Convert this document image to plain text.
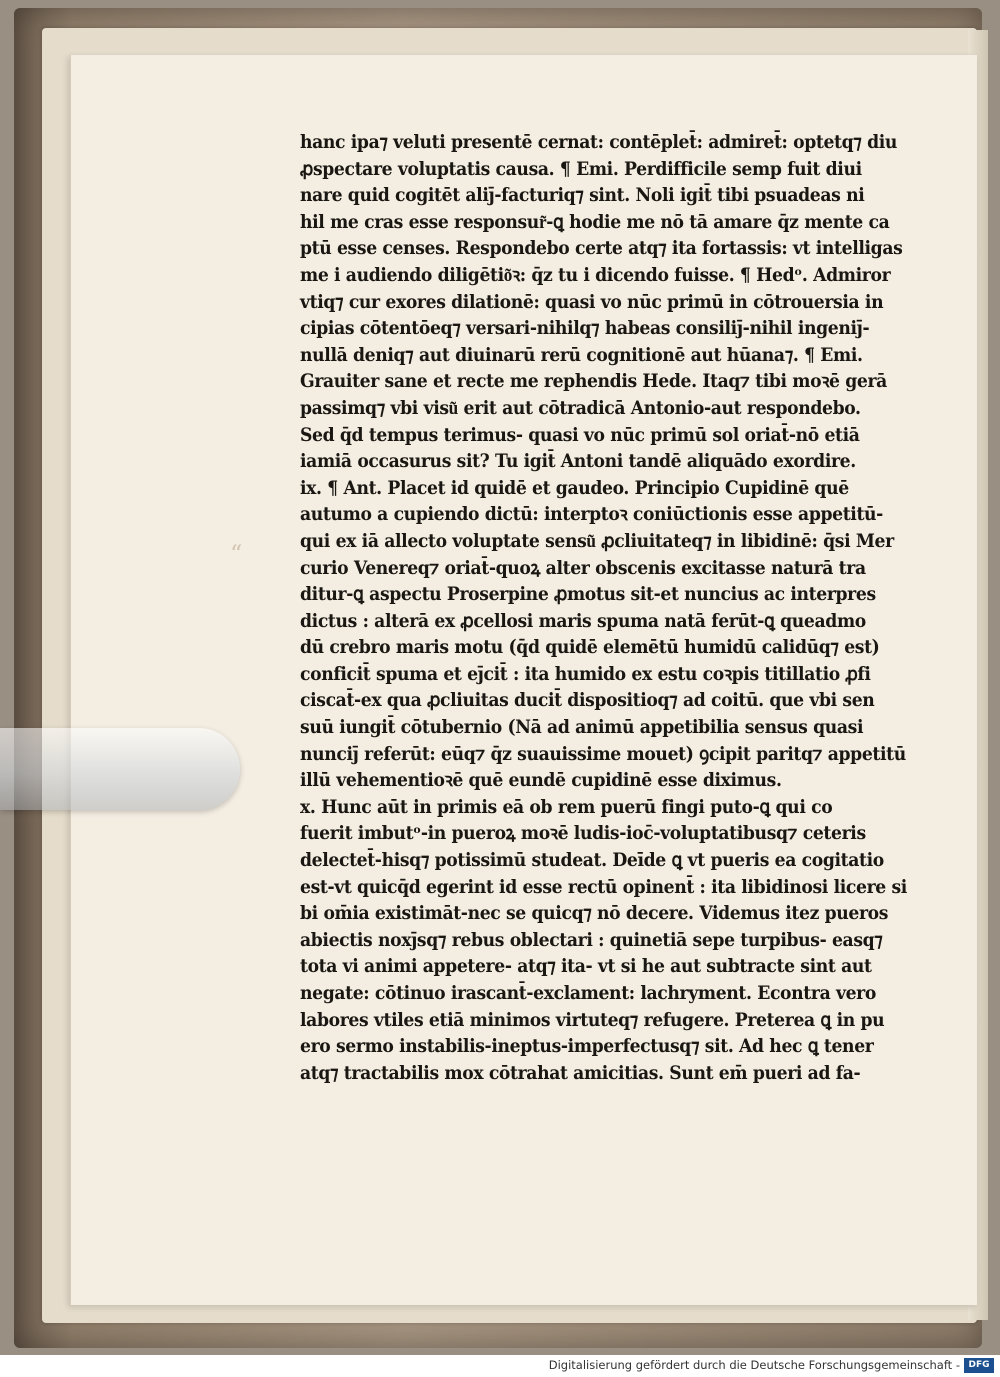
“
hanc ipa⁊ veluti presentē cernat: contēplet̄: admiret̄: optetq⁊ diu
ꝓspectare voluptatis causa. ¶ Emi. Perdifficile semp fuit diui
nare quid cogitēt aliȷ̄-facturiq⁊ sint. Noli igit̄ tibi psuadeas ni
hil me cras esse responsur͂-ꝗ hodie me nō tā amare q̄z mente ca
ptū esse censes. Respondebo certe atq⁊ ita fortassis: vt intelligas
me i audiendo diligētio͂ꝛ: q̄z tu i dicendo fuisse. ¶ Hedᵒ. Admiror
vtiq⁊ cur exores dilationē: quasi vo nūc primū in cōtrouersia in
cipias cōtentōeq⁊ versari-nihilq⁊ habeas consiliȷ̄-nihil ingeniȷ̄-
nullā deniq⁊ aut diuinarū rerū cognitionē aut hūana⁊. ¶ Emi.
Grauiter sane et recte me rephendis Hede. Itaq⁊ tibi moꝛē gerā
passimq⁊ vbi visu͂ erit aut cōtradicā Antonio-aut respondebo.
Sed q̄d tempus terimus- quasi vo nūc primū sol oriat̄-nō etiā
iamiā occasurus sit? Tu igit̄ Antoni tandē aliquādo exordire.
ix. ¶ Ant. Placet id quidē et gaudeo. Principio Cupidinē quē
autumo a cupiendo dictū: interptoꝛ coniūctionis esse appetitū-
qui ex iā allecto voluptate sensu͂ ꝓcliuitateq⁊ in libidinē: q̄si Mer
curio Venereq⁊ oriat̄-quoꝝ alter obscenis excitasse naturā tra
ditur-ꝗ aspectu Proserpine ꝓmotus sit-et nuncius ac interpres
dictus : alterā ex ꝓcellosi maris spuma natā ferūt-ꝗ queadmo
dū crebro maris motu (q̄d quidē elemētū humidū calidūq⁊ est)
conficit̄ spuma et eȷ̄cit̄ : ita humido ex estu coꝛpis titillatio ꝓfi
ciscat̄-ex qua ꝓcliuitas ducit̄ dispositioq⁊ ad coitū. que vbi sen
suū iungit̄ cōtubernio (Nā ad animū appetibilia sensus quasi
nunciȷ̄ referūt: eūq⁊ q̄z suauissime mouet) ꝯcipit paritq⁊ appetitū
illū vehementioꝛē quē eundē cupidinē esse diximus.
x. Hunc aūt in primis eā ob rem puerū fingi puto-ꝗ qui co
fuerit imbutᵒ-in pueroꝝ moꝛē ludis-ioc̄-voluptatibusq⁊ ceteris
delectet̄-hisq⁊ potissimū studeat. Deīde ꝗ vt pueris ea cogitatio
est-vt quicq̄d egerint id esse rectū opinent̄ : ita libidinosi licere si
bi om̄ia existimāt-nec se quicq⁊ nō decere. Videmus itez pueros
abiectis noxȷ̄sq⁊ rebus oblectari : quinetiā sepe turpibus- easq⁊
tota vi animi appetere- atq⁊ ita- vt si he aut subtracte sint aut
negate: cōtinuo irascant̄-exclament: lachryment. Econtra vero
labores vtiles etiā minimos virtuteq⁊ refugere. Preterea ꝗ in pu
ero sermo instabilis-ineptus-imperfectusq⁊ sit. Ad hec ꝗ tener
atq⁊ tractabilis mox cōtrahat amicitias. Sunt em̄ pueri ad fa-
Digitalisierung gefördert durch die Deutsche Forschungsgemeinschaft - DFG
